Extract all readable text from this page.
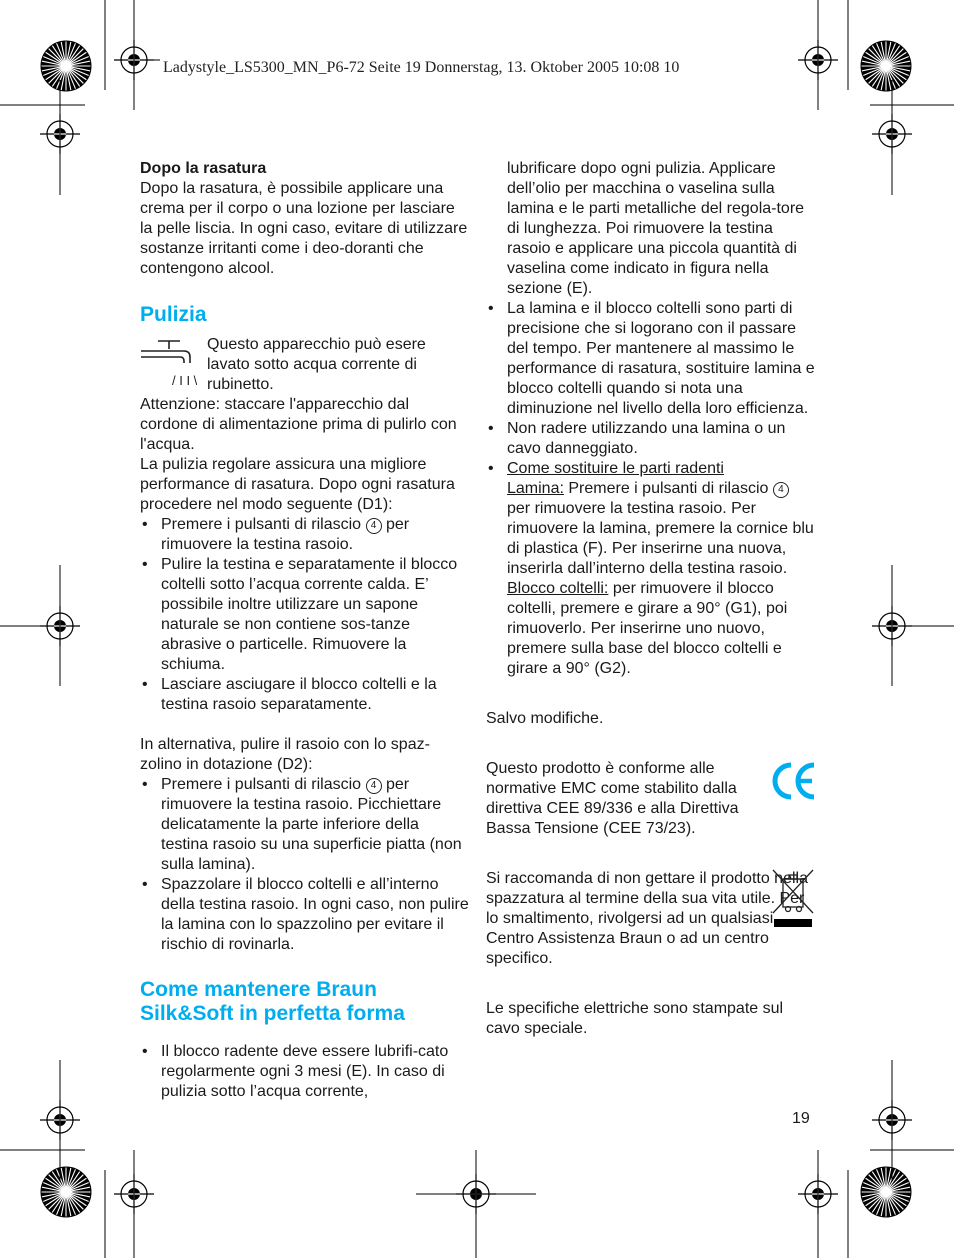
Ladystyle_LS5300_MN_P6-72 Seite 19 Donnerstag, 13. Oktober 2005 10:08 10

Dopo la rasatura

Dopo la rasatura, è possibile applicare una crema per il corpo o una lozione per lasciare la pelle liscia. In ogni caso, evitare di utilizzare sostanze irritanti come i deo-doranti che contengono alcool.

Pulizia
/ I I \

Questo apparecchio può esere lavato sotto acqua corrente di rubinetto.

Attenzione: staccare l'apparecchio dal cordone di alimentazione prima di pulirlo con l'acqua.

La pulizia regolare assicura una migliore performance di rasatura. Dopo ogni rasatura procedere nel modo seguente (D1):

• Premere i pulsanti di rilascio 4 per rimuovere la testina rasoio.
• Pulire la testina e separatamente il blocco coltelli sotto l’acqua corrente calda. E’ possibile inoltre utilizzare un sapone naturale se non contiene sos-tanze abrasive o particelle. Rimuovere la schiuma.
• Lasciare asciugare il blocco coltelli e la testina rasoio separatamente.

In alternativa, pulire il rasoio con lo spaz-zolino in dotazione (D2):

• Premere i pulsanti di rilascio 4 per rimuovere la testina rasoio. Picchiettare delicatamente la parte inferiore della testina rasoio su una superficie piatta (non sulla lamina).
• Spazzolare il blocco coltelli e all’interno della testina rasoio. In ogni caso, non pulire la lamina con lo spazzolino per evitare il rischio di rovinarla.
Come mantenere Braun Silk&Soft in perfetta forma
• Il blocco radente deve essere lubrifi-cato regolarmente ogni 3 mesi (E). In caso di pulizia sotto l’acqua corrente,

lubrificare dopo ogni pulizia. Applicare dell’olio per macchina o vaselina sulla lamina e le parti metalliche del regola-tore di lunghezza. Poi rimuovere la testina rasoio e applicare una piccola quantità di vaselina come indicato in figura nella sezione (E).

• La lamina e il blocco coltelli sono parti di precisione che si logorano con il passare del tempo. Per mantenere al massimo le performance di rasatura, sostituire lamina e blocco coltelli quando si nota una diminuzione nel livello della loro efficienza.
• Non radere utilizzando una lamina o un cavo danneggiato.
• Come sostituire le parti radenti
Lamina: Premere i pulsanti di rilascio 4 per rimuovere la testina rasoio. Per rimuovere la lamina, premere la cornice blu di plastica (F). Per inserirne una nuova, inserirla dall’interno della testina rasoio.
Blocco coltelli: per rimuovere il blocco coltelli, premere e girare a 90° (G1), poi rimuoverlo. Per inserirne uno nuovo, premere sulla base del blocco coltelli e girare a 90° (G2).

Salvo modifiche.

Questo prodotto è conforme alle normative EMC come stabilito dalla direttiva CEE 89/336 e alla Direttiva Bassa Tensione (CEE 73/23).

Si raccomanda di non gettare il prodotto nella spazzatura al termine della sua vita utile. Per lo smaltimento, rivolgersi ad un qualsiasi Centro Assistenza Braun o ad un centro specifico.

Le specifiche elettriche sono stampate sul cavo speciale.

19
